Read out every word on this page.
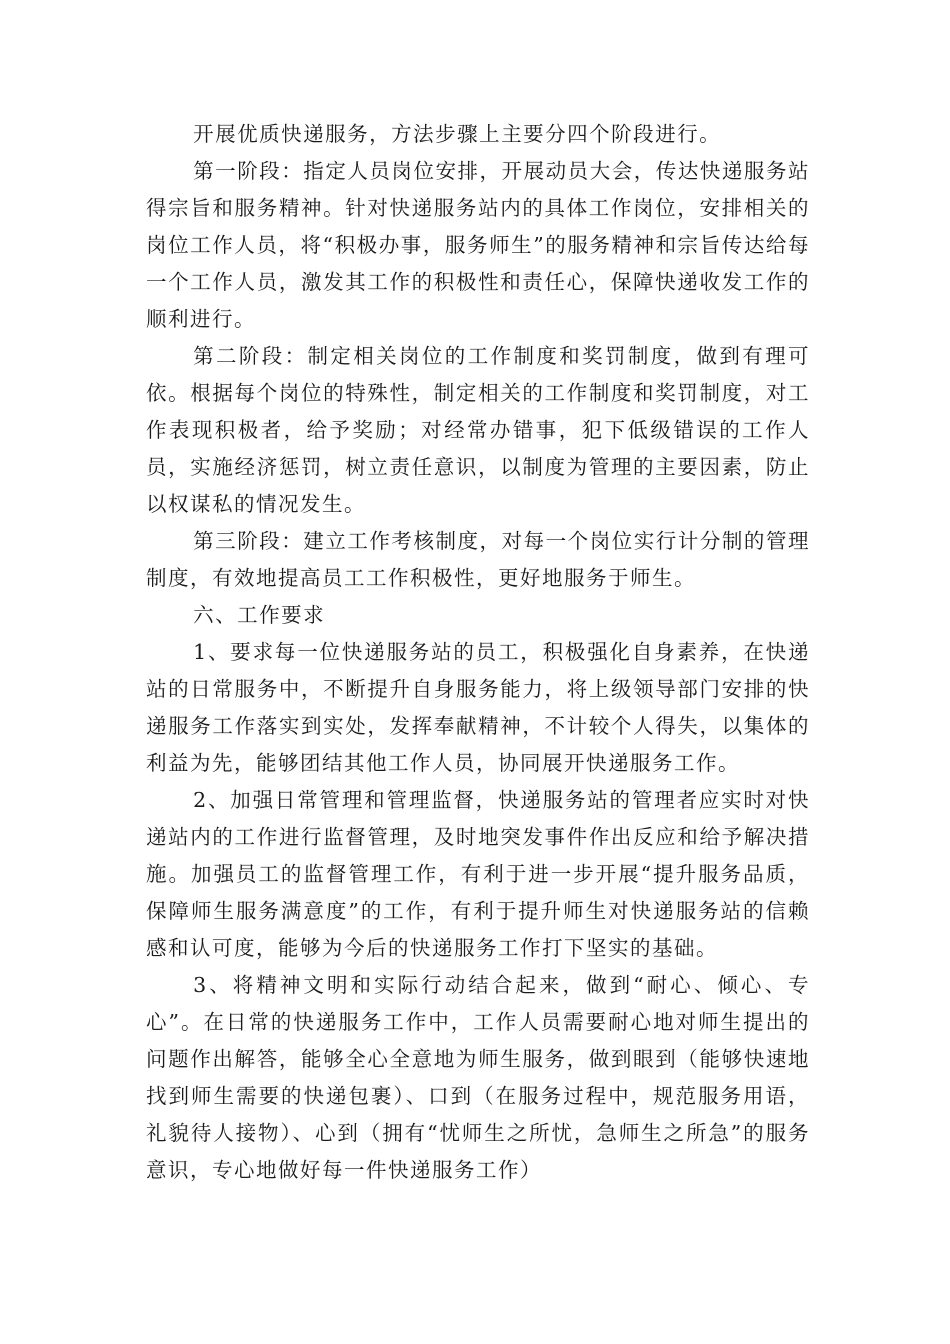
开展优质快递服务，方法步骤上主要分四个阶段进行。

第一阶段：指定人员岗位安排，开展动员大会，传达快递服务站得宗旨和服务精神。针对快递服务站内的具体工作岗位，安排相关的岗位工作人员，将“积极办事，服务师生”的服务精神和宗旨传达给每一个工作人员，激发其工作的积极性和责任心，保障快递收发工作的顺利进行。

第二阶段：制定相关岗位的工作制度和奖罚制度，做到有理可依。根据每个岗位的特殊性，制定相关的工作制度和奖罚制度，对工作表现积极者，给予奖励；对经常办错事，犯下低级错误的工作人员，实施经济惩罚，树立责任意识，以制度为管理的主要因素，防止以权谋私的情况发生。

第三阶段：建立工作考核制度，对每一个岗位实行计分制的管理制度，有效地提高员工工作积极性，更好地服务于师生。

六、工作要求

1、要求每一位快递服务站的员工，积极强化自身素养，在快递站的日常服务中，不断提升自身服务能力，将上级领导部门安排的快递服务工作落实到实处，发挥奉献精神，不计较个人得失，以集体的利益为先，能够团结其他工作人员，协同展开快递服务工作。

2、加强日常管理和管理监督，快递服务站的管理者应实时对快递站内的工作进行监督管理，及时地突发事件作出反应和给予解决措施。加强员工的监督管理工作，有利于进一步开展“提升服务品质，保障师生服务满意度”的工作，有利于提升师生对快递服务站的信赖感和认可度，能够为今后的快递服务工作打下坚实的基础。

3、将精神文明和实际行动结合起来，做到“耐心、倾心、专心”。在日常的快递服务工作中，工作人员需要耐心地对师生提出的问题作出解答，能够全心全意地为师生服务，做到眼到（能够快速地找到师生需要的快递包裹）、口到（在服务过程中，规范服务用语，礼貌待人接物）、心到（拥有“忧师生之所忧，急师生之所急”的服务意识，专心地做好每一件快递服务工作）
